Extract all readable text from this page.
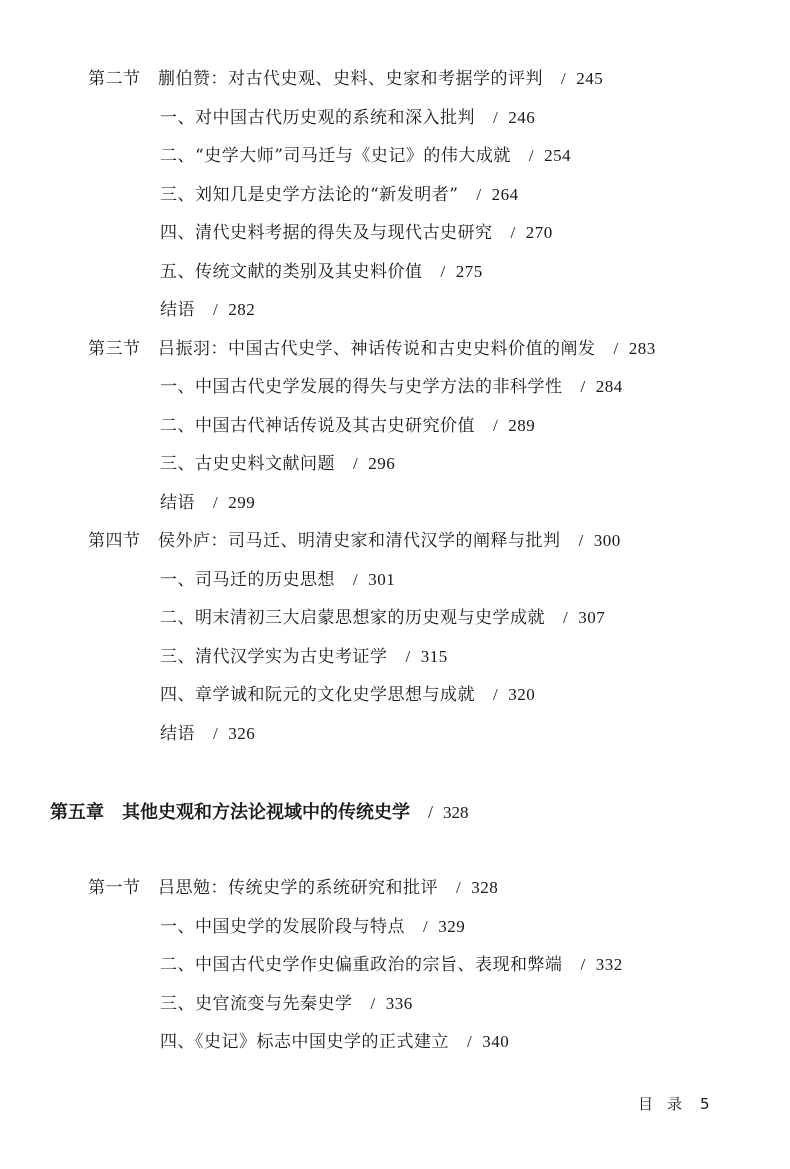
第二节　蒯伯赞：对古代史观、史料、史家和考据学的评判 / 245
一、对中国古代历史观的系统和深入批判 / 246
二、“史学大师”司马迁与《史记》的伟大成就 / 254
三、刘知几是史学方法论的“新发明者” / 264
四、清代史料考据的得失及与现代古史研究 / 270
五、传统文献的类别及其史料价值 / 275
结语 / 282
第三节　吕振羽：中国古代史学、神话传说和古史史料价值的阐发 / 283
一、中国古代史学发展的得失与史学方法的非科学性 / 284
二、中国古代神话传说及其古史研究价值 / 289
三、古史史料文献问题 / 296
结语 / 299
第四节　侯外庐：司马迁、明清史家和清代汉学的阐释与批判 / 300
一、司马迁的历史思想 / 301
二、明末清初三大启蒙思想家的历史观与史学成就 / 307
三、清代汉学实为古史考证学 / 315
四、章学诚和阮元的文化史学思想与成就 / 320
结语 / 326
第五章　其他史观和方法论视域中的传统史学 / 328
第一节　吕思勉：传统史学的系统研究和批评 / 328
一、中国史学的发展阶段与特点 / 329
二、中国古代史学作史偏重政治的宗旨、表现和弊端 / 332
三、史官流变与先秦史学 / 336
四、《史记》标志中国史学的正式建立 / 340
目录 5
